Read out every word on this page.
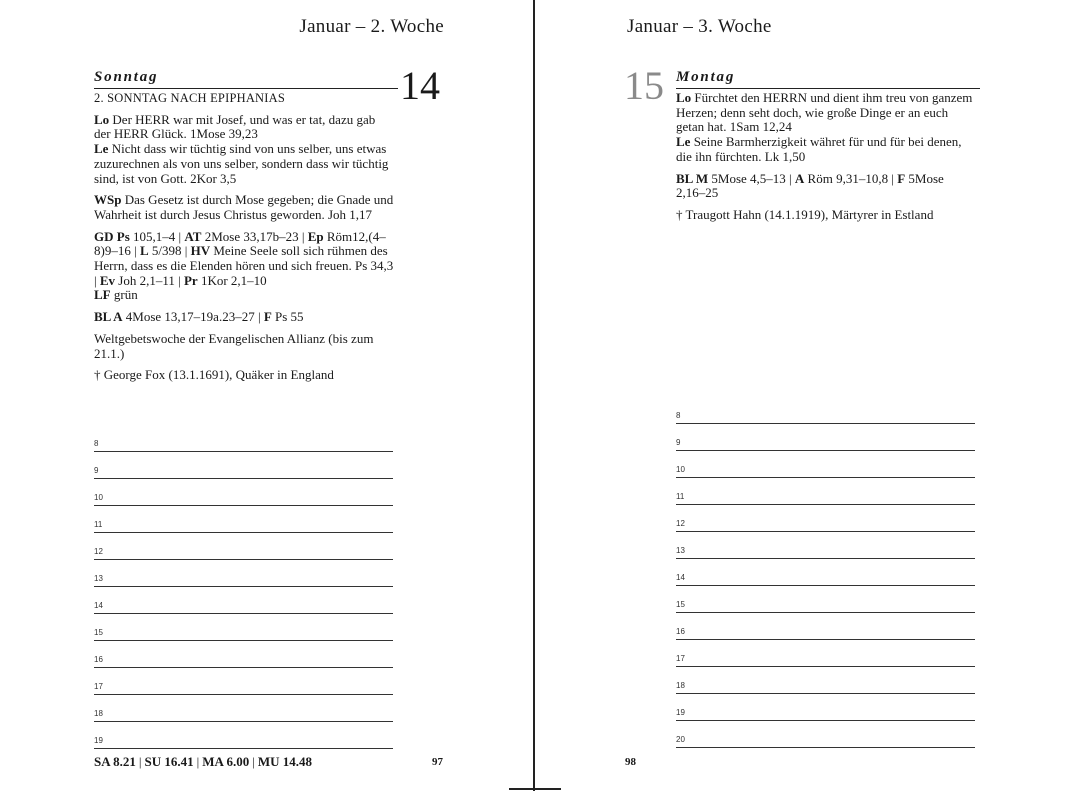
Januar – 2. Woche
14
Sonntag

2. SONNTAG NACH EPIPHANIAS

Lo Der HERR war mit Josef, und was er tat, dazu gab der HERR Glück. 1Mose 39,23
Le Nicht dass wir tüchtig sind von uns selber, uns etwas zuzurechnen als von uns selber, sondern dass wir tüchtig sind, ist von Gott. 2Kor 3,5

WSp Das Gesetz ist durch Mose gegeben; die Gnade und Wahrheit ist durch Jesus Christus geworden. Joh 1,17

GD Ps 105,1–4 | AT 2Mose 33,17b–23 | Ep Röm12,(4–8)9–16 | L 5/398 | HV Meine Seele soll sich rühmen des Herrn, dass es die Elenden hören und sich freuen. Ps 34,3 | Ev Joh 2,1–11 | Pr 1Kor 2,1–10
LF grün

BL A 4Mose 13,17–19a.23–27 | F Ps 55

Weltgebetswoche der Evangelischen Allianz (bis zum 21.1.)

† George Fox (13.1.1691), Quäker in England

8
9
10
11
12
13
14
15
16
17
18
19
SA 8.21 | SU 16.41 | MA 6.00 | MU 14.48	97
Januar – 3. Woche
15 Montag

Lo Fürchtet den HERRN und dient ihm treu von ganzem Herzen; denn seht doch, wie große Dinge er an euch getan hat. 1Sam 12,24
Le Seine Barmherzigkeit währet für und für bei denen, die ihn fürchten. Lk 1,50

BL M 5Mose 4,5–13 | A Röm 9,31–10,8 | F 5Mose 2,16–25

† Traugott Hahn (14.1.1919), Märtyrer in Estland

8
9
10
11
12
13
14
15
16
17
18
19
20
98
